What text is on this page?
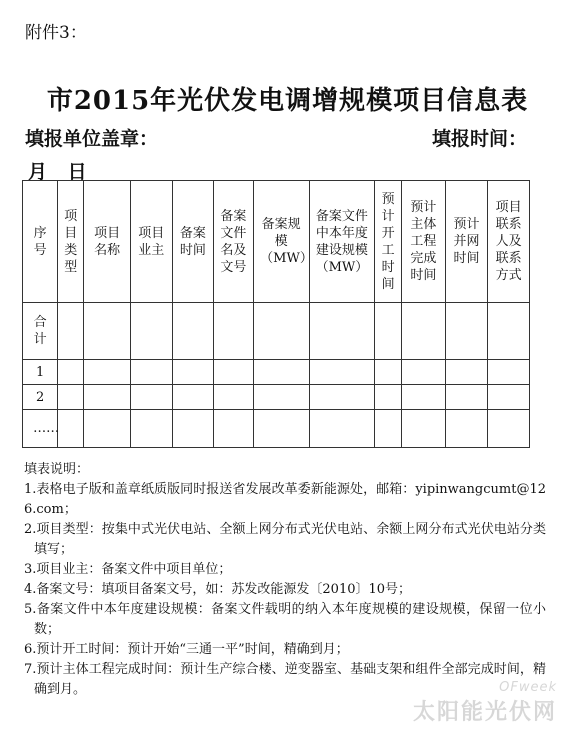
附件3：
市2015年光伏发电调增规模项目信息表
填报单位盖章：	填报时间：
月 日
序号	项目类型	项目名称	项目业主	备案时间	备案文件名及文号	备案规模（MW）	备案文件中本年度建设规模（MW）	预计开工时间	预计主体工程完成时间	预计并网时间	项目联系人及联系方式
合计											
1											
2											
……											

填表说明：

1.表格电子版和盖章纸质版同时报送省发展改革委新能源处，邮箱：yipinwangcumt@126.com；

2.项目类型：按集中式光伏电站、全额上网分布式光伏电站、余额上网分布式光伏电站分类填写；

3.项目业主：备案文件中项目单位；

4.备案文号：填项目备案文号，如：苏发改能源发〔2010〕10号；

5.备案文件中本年度建设规模：备案文件载明的纳入本年度规模的建设规模，保留一位小数；

6.预计开工时间：预计开始“三通一平”时间，精确到月；

7.预计主体工程完成时间：预计生产综合楼、逆变器室、基础支架和组件全部完成时间，精确到月。	OFweek
太阳能光伏网
